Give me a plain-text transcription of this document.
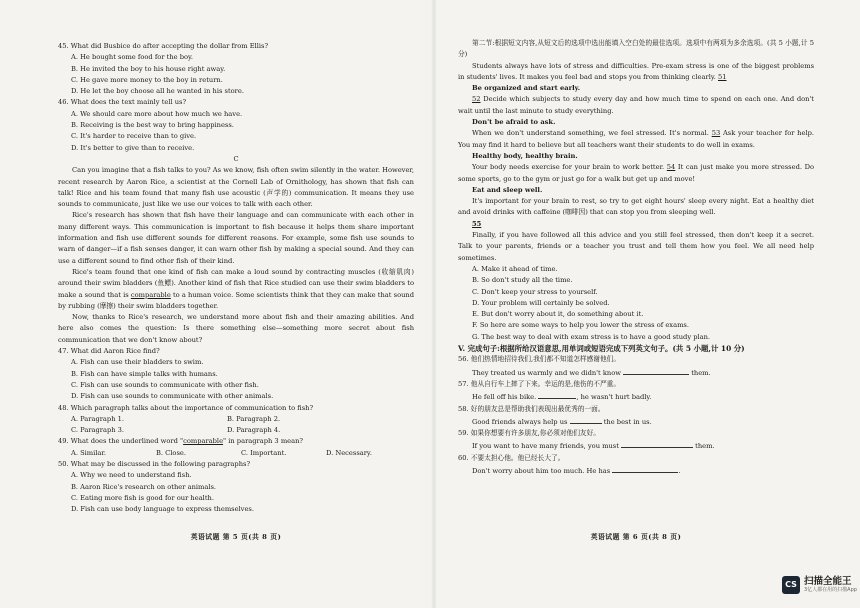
45. What did Busbice do after accepting the dollar from Ellis?

A. He bought some food for the boy.

B. He invited the boy to his house right away.

C. He gave more money to the boy in return.

D. He let the boy choose all he wanted in his store.

46. What does the text mainly tell us?

A. We should care more about how much we have.

B. Receiving is the best way to bring happiness.

C. It's harder to receive than to give.

D. It's better to give than to receive.

C

Can you imagine that a fish talks to you? As we know, fish often swim silently in the water. However, recent research by Aaron Rice, a scientist at the Cornell Lab of Ornithology, has shown that fish can talk! Rice and his team found that many fish use acoustic (声学的) communication. It means they use sounds to communicate, just like we use our voices to talk with each other.

Rice's research has shown that fish have their language and can communicate with each other in many different ways. This communication is important to fish because it helps them share important information and fish use different sounds for different reasons. For example, some fish use sounds to warn of danger—if a fish senses danger, it can warn other fish by making a special sound. And they can use a different sound to find other fish of their kind.

Rice's team found that one kind of fish can make a loud sound by contracting muscles (收缩肌肉) around their swim bladders (鱼鳔). Another kind of fish that Rice studied can use their swim bladders to make a sound that is comparable to a human voice. Some scientists think that they can make that sound by rubbing (摩擦) their swim bladders together.

Now, thanks to Rice's research, we understand more about fish and their amazing abilities. And here also comes the question: Is there something else—something more secret about fish communication that we don't know about?

47. What did Aaron Rice find?

A. Fish can use their bladders to swim.

B. Fish can have simple talks with humans.

C. Fish can use sounds to communicate with other fish.

D. Fish can use sounds to communicate with other animals.

48. Which paragraph talks about the importance of communication to fish?

A. Paragraph 1.	B. Paragraph 2.
C. Paragraph 3.	D. Paragraph 4.

49. What does the underlined word "comparable" in paragraph 3 mean?

A. Similar.	B. Close.	C. Important.	D. Necessary.

50. What may be discussed in the following paragraphs?

A. Why we need to understand fish.

B. Aaron Rice's research on other animals.

C. Eating more fish is good for our health.

D. Fish can use body language to express themselves.

英语试题 第 5 页(共 8 页)

第二节:根据短文内容,从短文后的选项中选出能填入空白处的最佳选项。选项中有两项为多余选项。(共 5 小题,计 5 分)

Students always have lots of stress and difficulties. Pre-exam stress is one of the biggest problems in students' lives. It makes you feel bad and stops you from thinking clearly. 51

Be organized and start early.

52 Decide which subjects to study every day and how much time to spend on each one. And don't wait until the last minute to study everything.

Don't be afraid to ask.

When we don't understand something, we feel stressed. It's normal. 53 Ask your teacher for help. You may find it hard to believe but all teachers want their students to do well in exams.

Healthy body, healthy brain.

Your body needs exercise for your brain to work better. 54 It can just make you more stressed. Do some sports, go to the gym or just go for a walk but get up and move!

Eat and sleep well.

It's important for your brain to rest, so try to get eight hours' sleep every night. Eat a healthy diet and avoid drinks with caffeine (咖啡因) that can stop you from sleeping well.

55

Finally, if you have followed all this advice and you still feel stressed, then don't keep it a secret. Talk to your parents, friends or a teacher you trust and tell them how you feel. We all need help sometimes.

A. Make it ahead of time.

B. So don't study all the time.

C. Don't keep your stress to yourself.

D. Your problem will certainly be solved.

E. But don't worry about it, do something about it.

F. So here are some ways to help you lower the stress of exams.

G. The best way to deal with exam stress is to have a good study plan.

V. 完成句子:根据所给汉语意思,用单词或短语完成下列英文句子。(共 5 小题,计 10 分)

56. 他们热情地招待我们,我们都不知道怎样感谢他们。

They treated us warmly and we didn't know	them.

57. 他从自行车上摔了下来。幸运的是,他伤的不严重。

He fell off his bike.	, he wasn't hurt badly.

58. 好的朋友总是帮助我们表现出最优秀的一面。

Good friends always help us	the best in us.

59. 如果你想要有许多朋友,你必须对他们友好。

If you want to have many friends, you must	them.

60. 不要太担心他。他已经长大了。

Don't worry about him too much. He has	.

英语试题 第 6 页(共 8 页)
CS 扫描全能王
3亿人都在用的扫描App
